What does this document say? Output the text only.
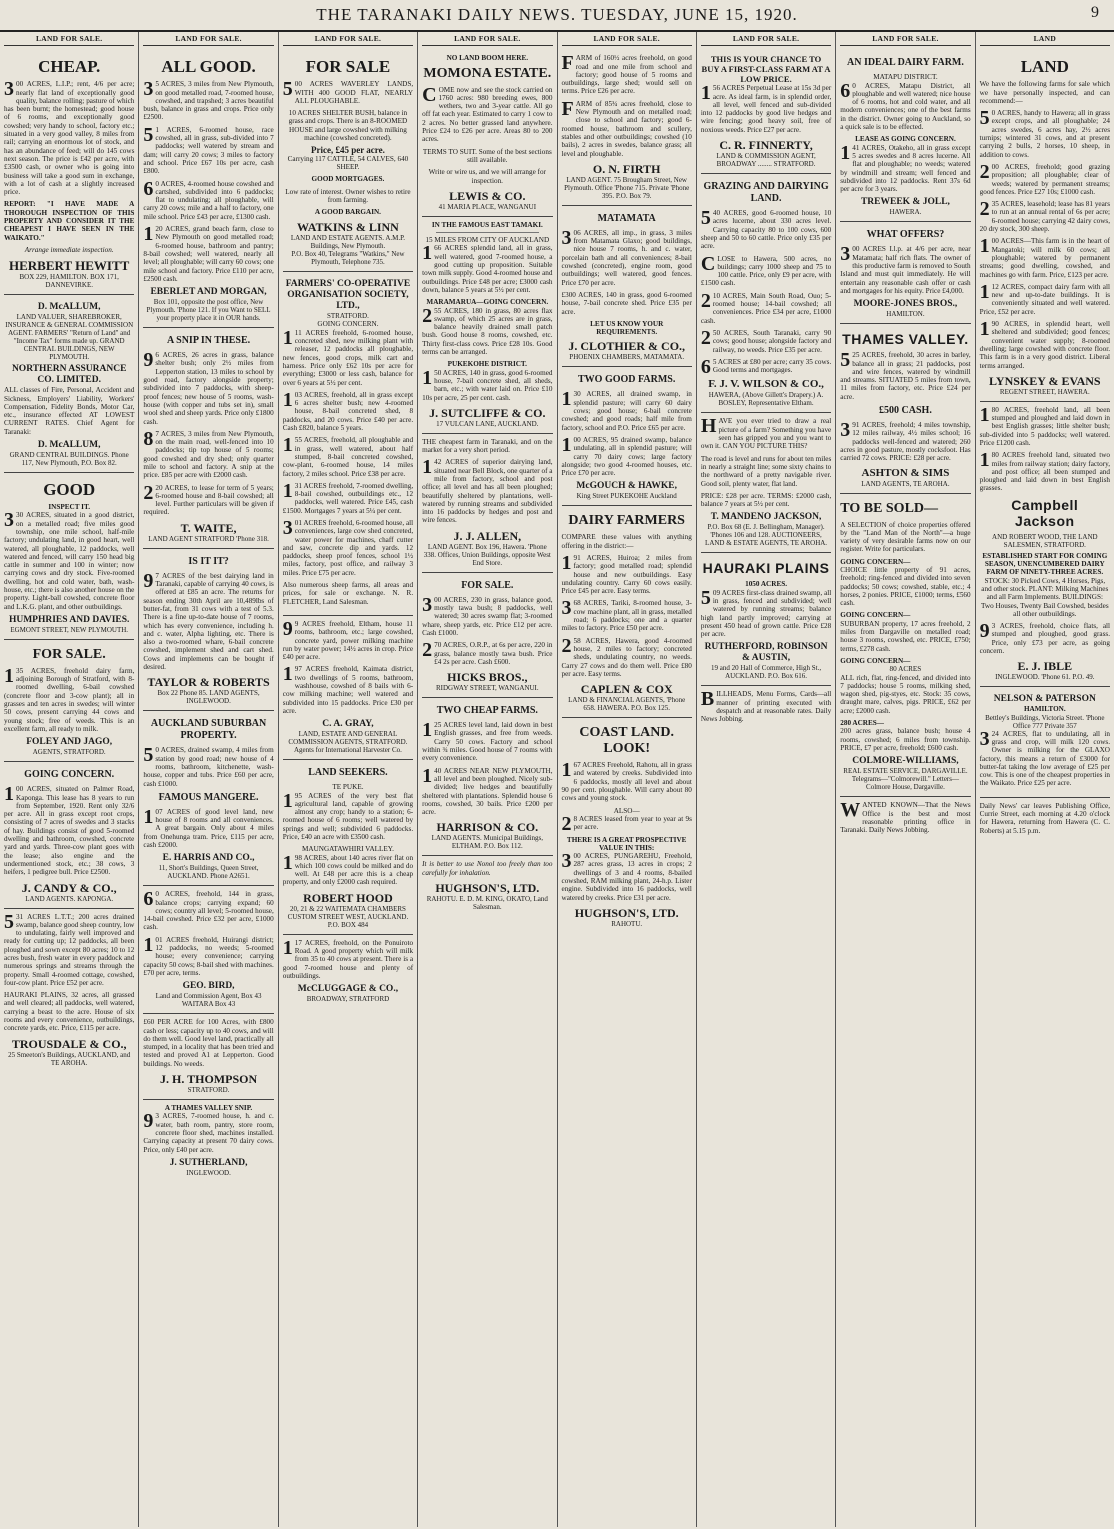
THE TARANAKI DAILY NEWS. TUESDAY, JUNE 15, 1920.	9
LAND FOR SALE.
CHEAP.

300 ACRES, L.I.P.; rent, 4/6 per acre; nearly flat land of exceptionally good quality, balance rolling; pasture of which has been burnt; the homestead; good house of 6 rooms, and exceptionally good cowshed; very handy to school, factory etc.; situated in a very good valley, 8 miles from rail; carrying an enormous lot of stock, and has an abundance of feed; will do 145 cows next season. The price is £42 per acre, with £3500 cash, or owner who is going into business will take a good sum in exchange, with a lot of cash at a slightly increased price.

REPORT: "I HAVE MADE A THOROUGH INSPECTION OF THIS PROPERTY AND CONSIDER IT THE CHEAPEST I HAVE SEEN IN THE WAIKATO."

Arrange immediate inspection.

HERBERT HEWITT
BOX 229, HAMILTON. BOX 171, DANNEVIRKE.
D. McALLUM,
LAND VALUER, SHAREBROKER, INSURANCE & GENERAL COMMISSION AGENT. FARMERS' "Return of Land" and "Income Tax" forms made up. GRAND CENTRAL BUILDINGS, NEW PLYMOUTH.
NORTHERN ASSURANCE CO. LIMITED.

ALL classes of Fire, Personal, Accident and Sickness, Employers' Liability, Workers' Compensation, Fidelity Bonds, Motor Car, etc., insurance effected AT LOWEST CURRENT RATES. Chief Agent for Taranaki:

D. McALLUM,
GRAND CENTRAL BUILDINGS. Phone 117, New Plymouth, P.O. Box 82.
GOOD
INSPECT IT.

330 ACRES, situated in a good district, on a metalled road; five miles good township, one mile school, half-mile factory; undulating land, in good heart, well watered, all ploughable, 12 paddocks, well watered and fenced, will carry 150 head big cattle in summer and 100 in winter; now carrying cows and dry stock. Five-roomed dwelling, hot and cold water, bath, wash-house, etc.; there is also another house on the property. Light-ball cowshed, concrete floor and L.K.G. plant, and other outbuildings.

HUMPHRIES AND DAVIES.
EGMONT STREET, NEW PLYMOUTH.
FOR SALE.

135 ACRES, freehold dairy farm, adjoining Borough of Stratford, with 8-roomed dwelling, 6-bail cowshed (concrete floor and 3-cow plant); all in grasses and ten acres in swedes; will winter 50 cows, present carrying 44 cows and young stock; free of weeds. This is an excellent farm, all ready to milk.

FOLEY AND JAGO,
AGENTS, STRATFORD.
GOING CONCERN.

100 ACRES, situated on Palmer Road, Kaponga. This lease has 8 years to run from September, 1920. Rent only 32/6 per acre. All in grass except root crops, consisting of 7 acres of swedes and 3 stacks of hay. Buildings consist of good 5-roomed dwelling and bathroom, cowshed, concrete yard and yards. Three-cow plant goes with the lease; also engine and the undermentioned stock, etc.; 38 cows, 3 heifers, 1 pedigree bull. Price £2500.

J. CANDY & CO.,
LAND AGENTS. KAPONGA.

531 ACRES L.T.T.; 200 acres drained swamp, balance good sheep country, low to undulating, fairly well improved and ready for cutting up; 12 paddocks, all been ploughed and sown except 80 acres; 10 to 12 acres bush, fresh water in every paddock and numerous springs and streams through the property. Small 4-roomed cottage, cowshed, four-cow plant. Price £52 per acre.

HAURAKI PLAINS, 32 acres, all grassed and well cleared; all paddocks, well watered, carrying a beast to the acre. House of six rooms and every convenience, outbuildings, concrete yards, etc. Price, £115 per acre.

TROUSDALE & CO.,
25 Smeeton's Buildings, AUCKLAND, and TE AROHA.
LAND FOR SALE.
ALL GOOD.

35 ACRES, 3 miles from New Plymouth, on good metalled road, 7-roomed house, cowshed, and trapshed; 3 acres beautiful bush, balance in grass and crops. Price only £2500.

51 ACRES, 6-roomed house, race cowshed, all in grass, sub-divided into 7 paddocks; well watered by stream and dam; will carry 20 cows; 3 miles to factory and school. Price £67 10s per acre, cash £800.

60 ACRES, 4-roomed house cowshed and cartshed, subdivided into 6 paddocks; flat to undulating; all ploughable, will carry 20 cows; mile and a half to factory, one mile school. Price £43 per acre, £1300 cash.

120 ACRES, grand beach farm, close to New Plymouth on good metalled road; 6-roomed house, bathroom and pantry; 8-bail cowshed; well watered, nearly all level; all ploughable; will carry 60 cows; one mile school and factory. Price £110 per acre, £2500 cash.

EBERLET AND MORGAN,
Box 101, opposite the post office, New Plymouth. 'Phone 121. If you Want to SELL your property place it in OUR hands.
A SNIP IN THESE.

96 ACRES, 26 acres in grass, balance shelter bush; only 2½ miles from Lepperton station, 13 miles to school by good road, factory alongside property; subdivided into 7 paddocks, with sheep-proof fences; new house of 5 rooms, wash-house (with copper and tubs set in), small wool shed and sheep yards. Price only £1800 cash.

87 ACRES, 3 miles from New Plymouth, on the main road, well-fenced into 10 paddocks; tip top house of 5 rooms; good cowshed and dry shed; only quarter mile to school and factory. A snip at the price. £85 per acre with £2000 cash.

220 ACRES, to lease for term of 5 years; 6-roomed house and 8-bail cowshed; all level. Further particulars will be given if required.

T. WAITE,
LAND AGENT STRATFORD 'Phone 318.
IS IT IT?

97 ACRES of the best dairying land in Taranaki, capable of carrying 40 cows, is offered at £85 an acre. The returns for season ending 30th April are 10,489lbs of butter-fat, from 31 cows with a test of 5.3. There is a fine up-to-date house of 7 rooms, which has every convenience, including h. and c. water, Alpha lighting, etc. There is also a two-roomed whare, 6-bail concrete cowshed, implement shed and cart shed. Cows and implements can be bought if desired.

TAYLOR & ROBERTS
Box 22 Phone 85. LAND AGENTS, INGLEWOOD.
AUCKLAND SUBURBAN PROPERTY.

50 ACRES, drained swamp, 4 miles from station by good road; new house of 4 rooms, bathroom, kitchenette, wash-house, copper and tubs. Price £60 per acre, cash £1000.

FAMOUS MANGERE.

107 ACRES of good level land, new house of 8 rooms and all conveniences. A great bargain. Only about 4 miles from Onehunga tram. Price, £115 per acre, cash £2000.

E. HARRIS AND CO.,
11, Short's Buildings, Queen Street, AUCKLAND. Phone A2651.

60 ACRES, freehold, 144 in grass, balance crops; carrying expand; 60 cows; country all level; 5-roomed house, 14-bail cowshed. Price £32 per acre, £1000 cash.

101 ACRES freehold, Huirangi district; 12 paddocks, no weeds; 5-roomed house; every convenience; carrying capacity 50 cows; 8-bail shed with machines. £70 per acre, terms.

GEO. BIRD,
Land and Commission Agent, Box 43 WAITARA Box 43

£60 PER ACRE for 100 Acres, with £800 cash or less; capacity up to 40 cows, and will do them well. Good level land, practically all stumped, in a locality that has been tried and tested and proved A1 at Lepperton. Good buildings. No weeds.

J. H. THOMPSON
STRATFORD.
A THAMES VALLEY SNIP.

93 ACRES, 7-roomed house, h. and c. water, bath room, pantry, store room, concrete floor shed, machines installed. Carrying capacity at present 70 dairy cows. Price, only £40 per acre.

J. SUTHERLAND,
INGLEWOOD.
LAND FOR SALE.
FOR SALE

500 ACRES WAVERLEY LANDS, WITH 400 GOOD FLAT, NEARLY ALL PLOUGHABLE.

10 ACRES SHELTER BUSH, balance in grass and crops. There is an 8-ROOMED HOUSE and large cowshed with milking machine (cowshed concreted).

Price, £45 per acre.

Carrying 117 CATTLE, 54 CALVES, 640 SHEEP.

GOOD MORTGAGES.

Low rate of interest. Owner wishes to retire from farming.

A GOOD BARGAIN.

WATKINS & LINN
LAND AND ESTATE AGENTS. A.M.P. Buildings, New Plymouth.
P.O. Box 40, Telegrams "Watkins," New Plymouth, Telephone 735.
FARMERS' CO-OPERATIVE ORGANISATION SOCIETY, LTD.,
STRATFORD.
GOING CONCERN.

111 ACRES freehold, 6-roomed house, concreted shed, new milking plant with releaser, 12 paddocks all ploughable, new fences, good crops, milk cart and harness. Price only £62 10s per acre for everything; £3000 or less cash, balance for over 6 years at 5½ per cent.

103 ACRES, freehold, all in grass except 6 acres shelter bush; new 4-roomed house, 8-bail concreted shed, 8 paddocks, and 20 cows. Price £40 per acre. Cash £820, balance 5 years.

155 ACRES, freehold, all ploughable and in grass, well watered, about half stumped, 8-bail concreted cowshed, cow-plant, 6-roomed house, 14 miles factory, 2 miles school. Price £38 per acre.

131 ACRES freehold, 7-roomed dwelling, 8-bail cowshed, outbuildings etc., 12 paddocks, well watered. Price £45, cash £1500. Mortgages 7 years at 5¼ per cent.

301 ACRES freehold, 6-roomed house, all conveniences, large cow shed concreted, water power for machines, chaff cutter and saw, concrete dip and yards. 12 paddocks, sheep proof fences, school 1½ miles, factory, post office, and railway 3 miles. Price £75 per acre.

Also numerous sheep farms, all areas and prices, for sale or exchange. N. R. FLETCHER, Land Salesman.

99 ACRES freehold, Eltham, house 11 rooms, bathroom, etc.; large cowshed, concrete yard, power milking machine run by water power; 14½ acres in crop. Price £40 per acre.

197 ACRES freehold, Kaimata district, two dwellings of 5 rooms, bathroom, washhouse, cowshed of 8 bails with 6-cow milking machine; well watered and subdivided into 15 paddocks. Price £30 per acre.

C. A. GRAY,
LAND, ESTATE AND GENERAL COMMISSION AGENTS, STRATFORD. Agents for International Harvester Co.
LAND SEEKERS.
TE PUKE.

195 ACRES of the very best flat agricultural land, capable of growing almost any crop; handy to a station; 6-roomed house of 6 rooms; well watered by springs and well; subdivided 6 paddocks. Price, £40 an acre with £3500 cash.

MAUNGATAWHIRI VALLEY.

198 ACRES, about 140 acres river flat on which 100 cows could be milked and do well. At £48 per acre this is a cheap property, and only £2000 cash required.

ROBERT HOOD
20, 21 & 22 WAITEMATA CHAMBERS CUSTOM STREET WEST, AUCKLAND. P.O. BOX 484

117 ACRES, freehold, on the Ponuiroto Road. A good property which will milk from 35 to 40 cows at present. There is a good 7-roomed house and plenty of outbuildings.

McCLUGGAGE & CO.,
BROADWAY, STRATFORD
LAND FOR SALE.
NO LAND BOOM HERE.
MOMONA ESTATE.

COME now and see the stock carried on 1760 acres: 980 breeding ewes, 800 wethers, two and 3-year cattle. All go off fat each year. Estimated to carry 1 cow to 2 acres. No better grassed land anywhere. Price £24 to £26 per acre. Areas 80 to 200 acres.

TERMS TO SUIT. Some of the best sections still available.

Write or wire us, and we will arrange for inspection.

LEWIS & CO.
41 MARIA PLACE, WANGANUI
IN THE FAMOUS EAST TAMAKI.
15 MILES FROM CITY OF AUCKLAND

166 ACRES splendid land, all in grass, well watered, good 7-roomed house, a good cutting up proposition. Suitable town milk supply. Good 4-roomed house and outbuildings. Price £48 per acre; £3000 cash down, balance 5 years at 5½ per cent.

MARAMARUA—GOING CONCERN.

255 ACRES, 180 in grass, 80 acres flax swamp, of which 25 acres are in grass, balance heavily drained small patch bush. Good house 8 rooms, cowshed, etc. Thirty first-class cows. Price £28 10s. Good terms can be arranged.

PUKEKOHE DISTRICT.

150 ACRES, 140 in grass, good 6-roomed house, 7-bail concrete shed, all sheds, barn, etc.; with water laid on. Price £10 10s per acre, 25 per cent. cash.

J. SUTCLIFFE & CO.
17 VULCAN LANE, AUCKLAND.

THE cheapest farm in Taranaki, and on the market for a very short period.

142 ACRES of superior dairying land, situated near Bell Block, one quarter of a mile from factory, school and post office; all level and has all been ploughed; beautifully sheltered by plantations, well-watered by running streams and subdivided into 16 paddocks by hedges and post and wire fences.

J. J. ALLEN,
LAND AGENT. Box 196, Hawera. 'Phone 338. Offices, Union Buildings, opposite West End Store.
FOR SALE.

300 ACRES, 230 in grass, balance good, mostly tawa bush; 8 paddocks, well watered; 30 acres swamp flat; 3-roomed whare, sheep yards, etc. Price £12 per acre. Cash £1000.

270 ACRES, O.R.P., at 6s per acre, 220 in grass, balance mostly tawa bush. Price £4 2s per acre. Cash £600.

HICKS BROS.,
RIDGWAY STREET, WANGANUI.
TWO CHEAP FARMS.

125 ACRES level land, laid down in best English grasses, and free from weeds. Carry 50 cows. Factory and school within ¾ miles. Good house of 7 rooms with every convenience.

140 ACRES NEAR NEW PLYMOUTH, all level and been ploughed. Nicely sub-divided; live hedges and beautifully sheltered with plantations. Splendid house 6 rooms, cowshed, 30 bails. Price £200 per acre.

HARRISON & CO.
LAND AGENTS. Municipal Buildings, ELTHAM. P.O. Box 112.

It is better to use Nonol too freely than too carefully for inhalation.

HUGHSON'S, LTD.
RAHOTU. E. D. M. KING, OKATO, Land Salesman.
LAND FOR SALE.

FARM of 160½ acres freehold, on good road and one mile from school and factory; good house of 5 rooms and outbuildings, large shed; would sell on terms. Price £26 per acre.

FARM of 85¾ acres freehold, close to New Plymouth and on metalled road; close to school and factory; good 6-roomed house, bathroom and scullery, stables and other outbuildings; cowshed (10 bails), 2 acres in swedes, balance grass; all level and ploughable.

O. N. FIRTH
LAND AGENT. 75 Brougham Street, New Plymouth. Office 'Phone 715. Private 'Phone 395. P.O. Box 79.
MATAMATA

306 ACRES, all imp., in grass, 3 miles from Matamata Glaxo; good buildings, nice house 7 rooms, h. and c. water, porcelain bath and all conveniences; 8-bail cowshed (concreted), engine room, good outbuildings; well watered, good fences. Price £70 per acre.

£300 ACRES, 140 in grass, good 6-roomed house, 7-bail concrete shed. Price £35 per acre.

LET US KNOW YOUR REQUIREMENTS.
J. CLOTHIER & CO.,
PHOENIX CHAMBERS, MATAMATA.
TWO GOOD FARMS.

130 ACRES, all drained swamp, in splendid pasture; will carry 60 dairy cows; good house; 6-bail concrete cowshed; and good roads; half mile from factory, school and P.O. Price £65 per acre.

100 ACRES, 95 drained swamp, balance undulating, all in splendid pasture; will carry 70 dairy cows; large factory alongside; two good 4-roomed houses, etc. Price £70 per acre.

McGOUCH & HAWKE,
King Street PUKEKOHE Auckland
DAIRY FARMERS

COMPARE these values with anything offering in the district:—

191 ACRES, Huiroa; 2 miles from factory; good metalled road; splendid house and new outbuildings. Easy undulating country. Carry 60 cows easily. Price £45 per acre. Easy terms.

368 ACRES, Tariki, 8-roomed house, 3-cow machine plant, all in grass, metalled road; 6 paddocks; one and a quarter miles to factory. Price £50 per acre.

258 ACRES, Hawera, good 4-roomed house, 2 miles to factory; concreted sheds, undulating country, no weeds. Carry 27 cows and do them well. Price £80 per acre. Easy terms.

CAPLEN & COX
LAND & FINANCIAL AGENTS, 'Phone 658. HAWERA. P.O. Box 125.
COAST LAND. LOOK!

167 ACRES Freehold, Rahotu, all in grass and watered by creeks. Subdivided into 6 paddocks, mostly all level and about 90 per cent. ploughable. Will carry about 80 cows and young stock.

ALSO—

28 ACRES leased from year to year at 9s per acre.

THERE IS A GREAT PROSPECTIVE VALUE IN THIS:

300 ACRES, PUNGAREHU, Freehold, 287 acres grass, 13 acres in crops; 2 dwellings of 3 and 4 rooms, 8-bailed cowshed, RAM milking plant, 24-h.p. Lister engine. Subdivided into 16 paddocks, well watered by creeks. Price £31 per acre.

HUGHSON'S, LTD.
RAHOTU.
LAND FOR SALE.
THIS IS YOUR CHANCE TO BUY A FIRST-CLASS FARM AT A LOW PRICE.

156 ACRES Perpetual Lease at 15s 3d per acre. As ideal farm, is in splendid order, all level, well fenced and sub-divided into 12 paddocks by good live hedges and wire fencing; good heavy soil, free of noxious weeds. Price £27 per acre.

C. R. FINNERTY,
LAND & COMMISSION AGENT, BROADWAY ........ STRATFORD.
GRAZING AND DAIRYING LAND.

540 ACRES, good 6-roomed house, 10 acres lucerne, about 330 acres level. Carrying capacity 80 to 100 cows, 600 sheep and 50 to 60 cattle. Price only £35 per acre.

CLOSE to Hawera, 500 acres, no buildings; carry 1000 sheep and 75 to 100 cattle. Price, only £9 per acre, with £1500 cash.

210 ACRES, Main South Road, Ouo; 5-roomed house; 14-bail cowshed; all conveniences. Price £34 per acre, £1000 cash.

250 ACRES, South Taranaki, carry 90 cows; good house; alongside factory and railway, no weeds. Price £35 per acre.

65 ACRES at £80 per acre; carry 35 cows. Good terms and mortgages.

F. J. V. WILSON & CO.,
HAWERA, (Above Gillett's Drapery.) A. BOSLEY, Representative Eltham.

HAVE you ever tried to draw a real picture of a farm? Something you have seen has gripped you and you want to own it. CAN YOU PICTURE THIS?

The road is level and runs for about ten miles in nearly a straight line; some sixty chains to the northward of a pretty navigable river. Good soil, plenty water, flat land.

PRICE: £28 per acre. TERMS: £2000 cash, balance 7 years at 5½ per cent.

T. MANDENO JACKSON,
P.O. Box 68 (E. J. Bellingham, Manager). 'Phones 106 and 128. AUCTIONEERS, LAND & ESTATE AGENTS, TE AROHA.
HAURAKI PLAINS
1050 ACRES.

509 ACRES first-class drained swamp, all in grass, fenced and subdivided; well watered by running streams; balance high land partly improved; carrying at present 450 head of grown cattle. Price £28 per acre.

RUTHERFORD, ROBINSON & AUSTIN,
19 and 20 Hall of Commerce, High St., AUCKLAND. P.O. Box 616.

BILLHEADS, Menu Forms, Cards—all manner of printing executed with despatch and at reasonable rates. Daily News Jobbing.

LAND FOR SALE.
AN IDEAL DAIRY FARM.
MATAPU DISTRICT.

60 ACRES, Matapu District, all ploughable and well watered; nice house of 6 rooms, hot and cold water, and all modern conveniences; one of the best farms in the district. Owner going to Auckland, so a quick sale is to be effected.

LEASE AS GOING CONCERN.

141 ACRES, Otakeho, all in grass except 5 acres swedes and 8 acres lucerne. All flat and ploughable; no weeds; watered by windmill and stream; well fenced and subdivided into 12 paddocks. Rent 37s 6d per acre for 3 years.

TREWEEK & JOLL,
HAWERA.
WHAT OFFERS?

300 ACRES I.l.p. at 4/6 per acre, near Matamata; half rich flats. The owner of this productive farm is removed to South Island and must quit immediately. He will entertain any reasonable cash offer or cash and mortgages for his equity. Price £4,000.

MOORE-JONES BROS.,
HAMILTON.
THAMES VALLEY.

525 ACRES, freehold, 30 acres in barley, balance all in grass; 21 paddocks, post and wire fences, watered by windmill and streams. SITUATED 5 miles from town, 11 miles from factory, etc. Price £24 per acre.

£500 CASH.

391 ACRES, freehold; 4 miles township, 12 miles railway, 4½ miles school; 16 paddocks well-fenced and watered; 260 acres in good pasture, mostly cocksfoot. Has carried 72 cows. PRICE: £28 per acre.

ASHTON & SIMS
LAND AGENTS, TE AROHA.
TO BE SOLD—

A SELECTION of choice properties offered by the "Land Man of the North"—a huge variety of very desirable farms now on our register. Write for particulars.

GOING CONCERN—

CHOICE little property of 91 acres, freehold; ring-fenced and divided into seven paddocks; 50 cows; cowshed, stable, etc.; 4 horses, 2 ponies. PRICE, £1000; terms, £560 cash.

GOING CONCERN—

SUBURBAN property, 17 acres freehold, 2 miles from Dargaville on metalled road; house 3 rooms, cowshed, etc. PRICE, £750; terms, £278 cash.

GOING CONCERN—
80 ACRES

ALL rich, flat, ring-fenced, and divided into 7 paddocks; house 5 rooms, milking shed, wagon shed, pig-styes, etc. Stock: 35 cows, draught mare, calves, pigs. PRICE, £62 per acre; £2000 cash.

280 ACRES—

200 acres grass, balance bush; house 4 rooms, cowshed; 6 miles from township. PRICE, £7 per acre, freehold; £600 cash.

COLMORE-WILLIAMS,
REAL ESTATE SERVICE, DARGAVILLE. Telegrams—"Colmorewill." Letters—Colmore House, Dargaville.

WANTED KNOWN—That the News Office is the best and most reasonable printing office in Taranaki. Daily News Jobbing.

LAND
LAND

We have the following farms for sale which we have personally inspected, and can recommend:—

50 ACRES, handy to Hawera; all in grass except crops, and all ploughable; 24 acres swedes, 6 acres hay, 2½ acres turnips; wintered 31 cows, and at present carrying 2 bulls, 2 horses, 10 sheep, in addition to cows.

200 ACRES, freehold; good grazing proposition; all ploughable; clear of weeds; watered by permanent streams; good fences. Price £27 10s; £1000 cash.

235 ACRES, leasehold; lease has 81 years to run at an annual rental of 6s per acre; 6-roomed house; carrying 42 dairy cows, 20 dry stock, 300 sheep.

100 ACRES—This farm is in the heart of Mangatoki; will milk 60 cows; all ploughable; watered by permanent streams; good dwelling, cowshed, and machines go with farm. Price, £123 per acre.

112 ACRES, compact dairy farm with all new and up-to-date buildings. It is conveniently situated and well watered. Price, £52 per acre.

190 ACRES, in splendid heart, well sheltered and subdivided; good fences; convenient water supply; 8-roomed dwelling; large cowshed with concrete floor. This farm is in a very good district. Liberal terms arranged.

LYNSKEY & EVANS
REGENT STREET, HAWERA.

180 ACRES, freehold land, all been stumped and ploughed and laid down in best English grasses; little shelter bush; sub-divided into 5 paddocks; well watered. Price £1200 cash.

180 ACRES freehold land, situated two miles from railway station; dairy factory, and post office; all been stumped and ploughed and laid down in best English grasses.

Campbell Jackson
AND ROBERT WOOD, THE LAND SALESMEN, STRATFORD.
ESTABLISHED START FOR COMING SEASON, UNENCUMBERED DAIRY FARM OF NINETY-THREE ACRES.

STOCK: 30 Picked Cows, 4 Horses, Pigs, and other stock. PLANT: Milking Machines and all Farm Implements. BUILDINGS: Two Houses, Twenty Bail Cowshed, besides all other outbuildings.

93 ACRES, freehold, choice flats, all stumped and ploughed, good grass. Price, only £73 per acre, as going concern.

E. J. IBLE
INGLEWOOD. 'Phone 61. P.O. 49.
NELSON & PATERSON
HAMILTON.
Bettley's Buildings, Victoria Street. 'Phone Office 777 Private 357

324 ACRES, flat to undulating, all in grass and crop, will milk 120 cows. Owner is milking for the GLAXO factory, this means a return of £3000 for butter-fat taking the low average of £25 per cow. This is one of the cheapest properties in the Waikato. Price £25 per acre.

Daily News' car leaves Publishing Office, Currie Street, each morning at 4.20 o'clock for Hawera, returning from Hawera (C. C. Roberts) at 5.15 p.m.
